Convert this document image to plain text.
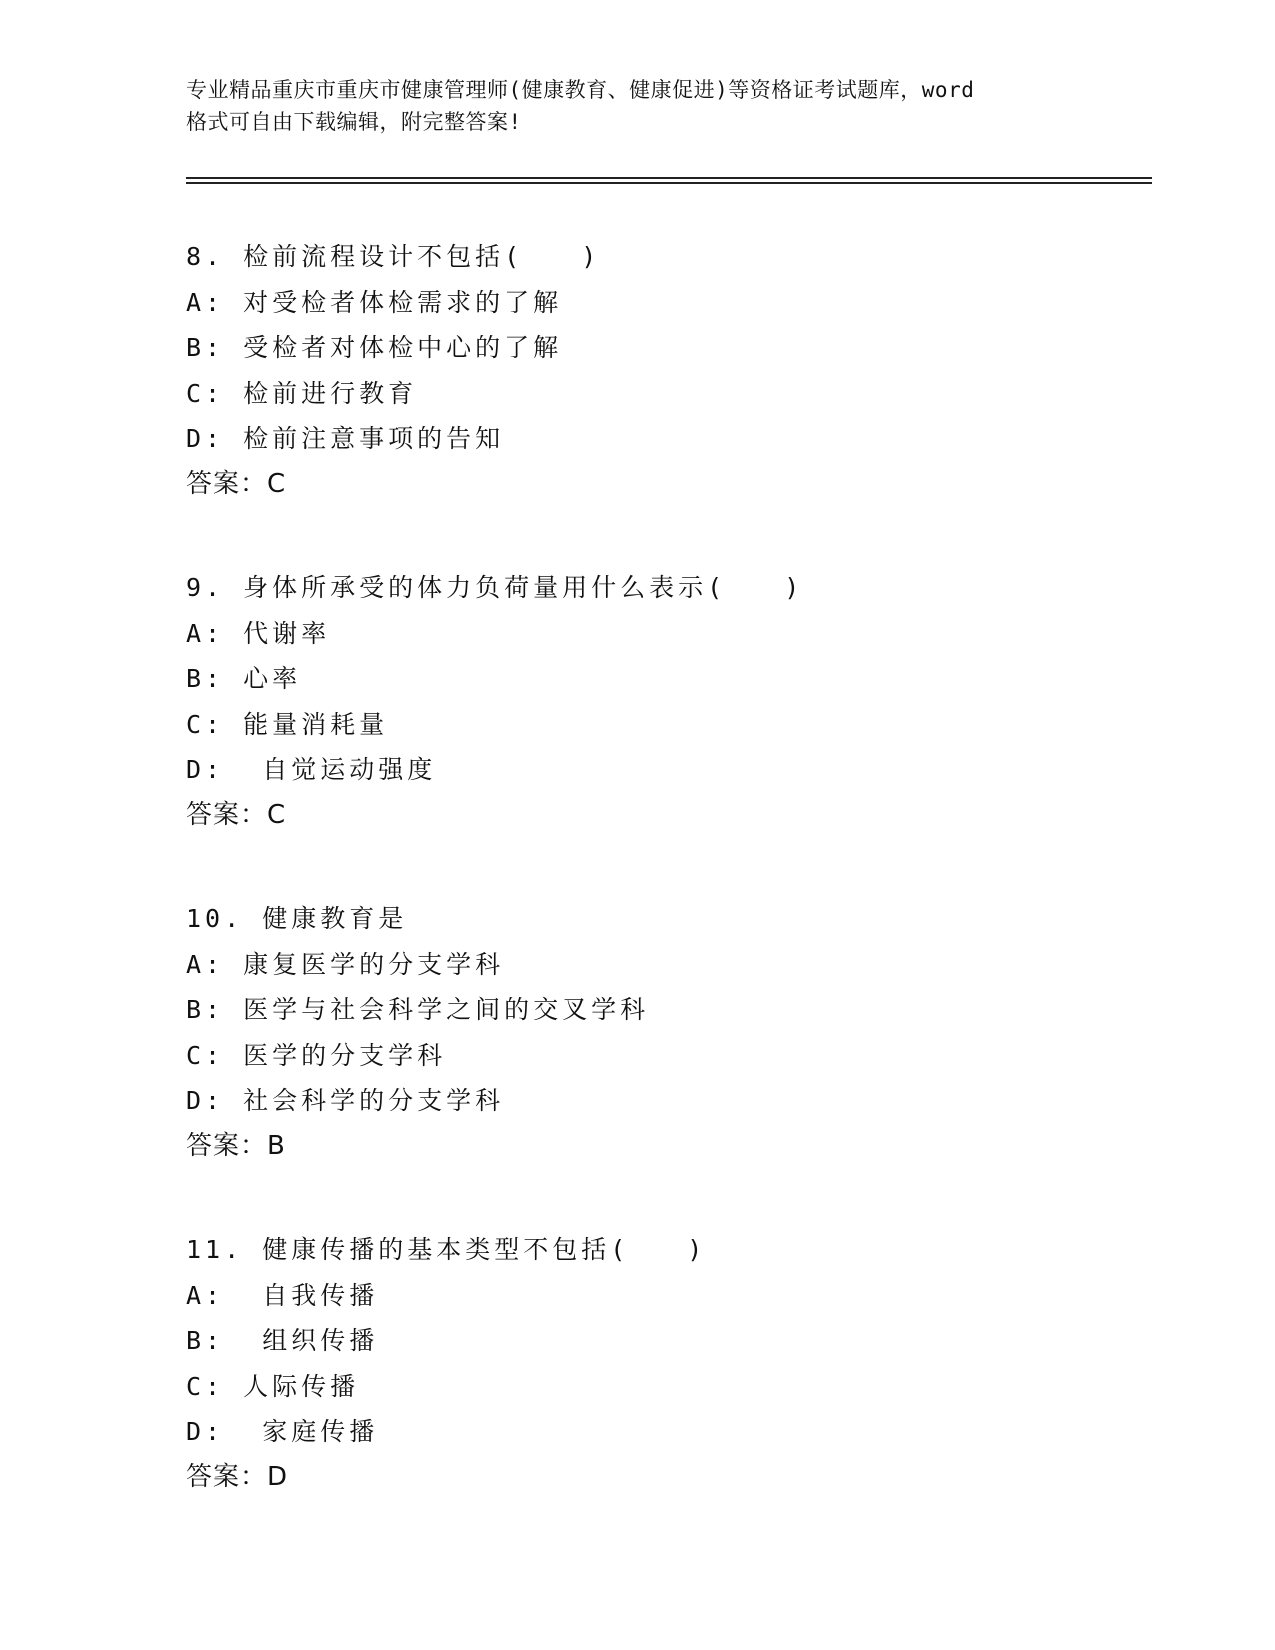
专业精品重庆市重庆市健康管理师(健康教育、健康促进)等资格证考试题库，word
格式可自由下载编辑，附完整答案!
8. 检前流程设计不包括(　　)
A: 对受检者体检需求的了解
B: 受检者对体检中心的了解
C: 检前进行教育
D: 检前注意事项的告知
答案：C
9. 身体所承受的体力负荷量用什么表示(　　)
A: 代谢率
B: 心率
C: 能量消耗量
D:  自觉运动强度
答案：C
10. 健康教育是
A: 康复医学的分支学科
B: 医学与社会科学之间的交叉学科
C: 医学的分支学科
D: 社会科学的分支学科
答案：B
11. 健康传播的基本类型不包括(　　)
A:  自我传播
B:  组织传播
C: 人际传播
D:  家庭传播
答案：D
